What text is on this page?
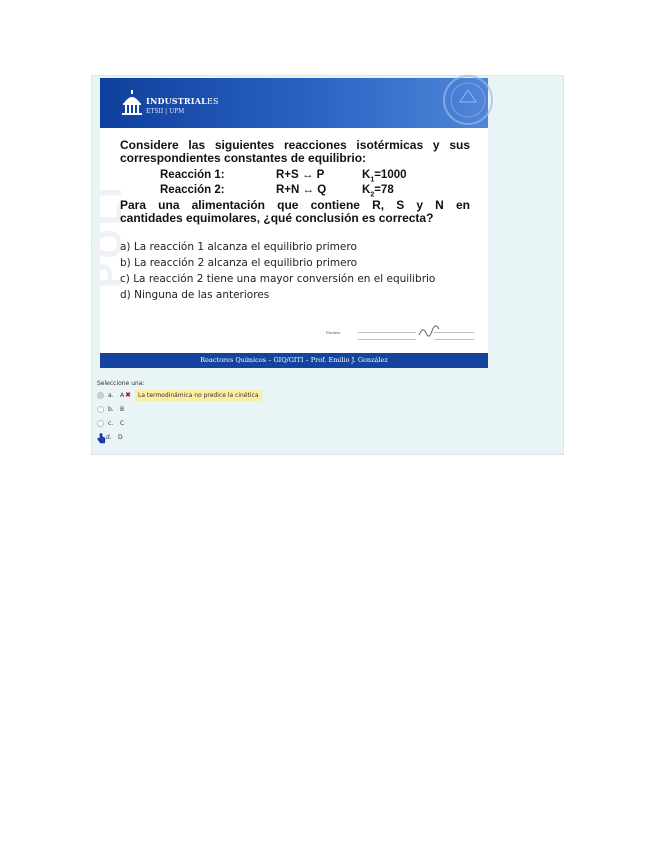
INDUSTRIALES
ETSII | UPM
POLI
Considere las siguientes reacciones isotérmicas y sus
correspondientes constantes de equilibrio:
Reacción 1:	R+S ↔ P	$K_1=1000$
Reacción 2:	R+N ↔ Q	$K_2=78$
Para una alimentación que contiene R, S y N en
cantidades equimolares, ¿qué conclusión es correcta?
a) La reacción 1 alcanza el equilibrio primero
b) La reacción 2 alcanza el equilibrio primero
c) La reacción 2 tiene una mayor conversión en el equilibrio
d) Ninguna de las anteriores
Fuente:
Reactores Químicos – GIQ/GITI – Prof. Emilio J. González
Seleccione una:
a. A✖	La termodinámica no predice la cinética
b. B
c. C
d. D
